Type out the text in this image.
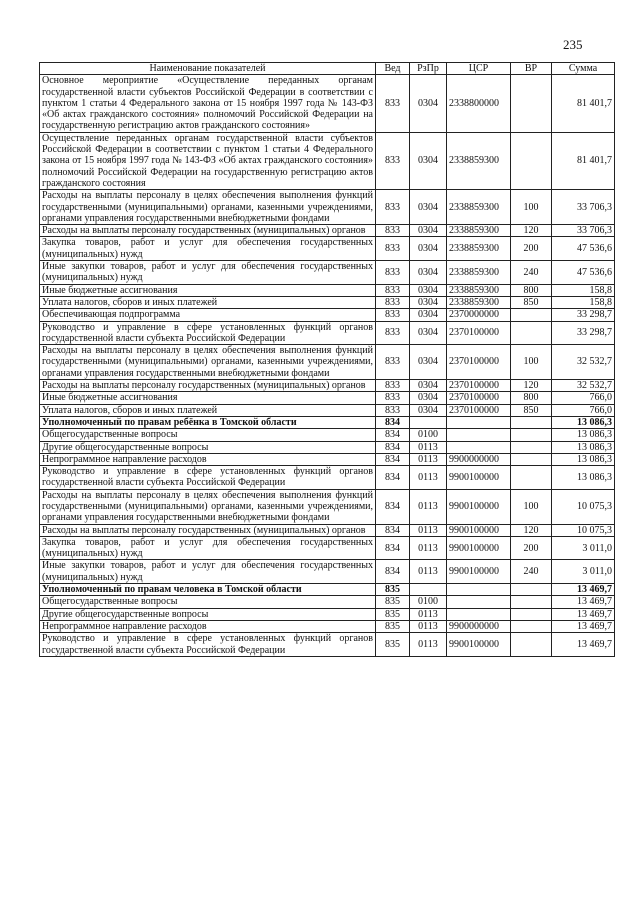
235
Наименование показателей	Вед	РзПр	ЦСР	ВР	Сумма
Основное мероприятие «Осуществление переданных органам государственной власти субъектов Российской Федерации в соответствии с пунктом 1 статьи 4 Федерального закона от 15 ноября 1997 года № 143-ФЗ «Об актах гражданского состояния» полномочий Российской Федерации на государственную регистрацию актов гражданского состояния»	833	0304	2338800000		81 401,7
Осуществление переданных органам государственной власти субъектов Российской Федерации в соответствии с пунктом 1 статьи 4 Федерального закона от 15 ноября 1997 года № 143-ФЗ «Об актах гражданского состояния» полномочий Российской Федерации на государственную регистрацию актов гражданского состояния	833	0304	2338859300		81 401,7
Расходы на выплаты персоналу в целях обеспечения выполнения функций государственными (муниципальными) органами, казенными учреждениями, органами управления государственными внебюджетными фондами	833	0304	2338859300	100	33 706,3
Расходы на выплаты персоналу государственных (муниципальных) органов	833	0304	2338859300	120	33 706,3
Закупка товаров, работ и услуг для обеспечения государственных (муниципальных) нужд	833	0304	2338859300	200	47 536,6
Иные закупки товаров, работ и услуг для обеспечения государственных (муниципальных) нужд	833	0304	2338859300	240	47 536,6
Иные бюджетные ассигнования	833	0304	2338859300	800	158,8
Уплата налогов, сборов и иных платежей	833	0304	2338859300	850	158,8
Обеспечивающая подпрограмма	833	0304	2370000000		33 298,7
Руководство и управление в сфере установленных функций органов государственной власти субъекта Российской Федерации	833	0304	2370100000		33 298,7
Расходы на выплаты персоналу в целях обеспечения выполнения функций государственными (муниципальными) органами, казенными учреждениями, органами управления государственными внебюджетными фондами	833	0304	2370100000	100	32 532,7
Расходы на выплаты персоналу государственных (муниципальных) органов	833	0304	2370100000	120	32 532,7
Иные бюджетные ассигнования	833	0304	2370100000	800	766,0
Уплата налогов, сборов и иных платежей	833	0304	2370100000	850	766,0
Уполномоченный по правам ребёнка в Томской области	834				13 086,3
Общегосударственные вопросы	834	0100			13 086,3
Другие общегосударственные вопросы	834	0113			13 086,3
Непрограммное направление расходов	834	0113	9900000000		13 086,3
Руководство и управление в сфере установленных функций органов государственной власти субъекта Российской Федерации	834	0113	9900100000		13 086,3
Расходы на выплаты персоналу в целях обеспечения выполнения функций государственными (муниципальными) органами, казенными учреждениями, органами управления государственными внебюджетными фондами	834	0113	9900100000	100	10 075,3
Расходы на выплаты персоналу государственных (муниципальных) органов	834	0113	9900100000	120	10 075,3
Закупка товаров, работ и услуг для обеспечения государственных (муниципальных) нужд	834	0113	9900100000	200	3 011,0
Иные закупки товаров, работ и услуг для обеспечения государственных (муниципальных) нужд	834	0113	9900100000	240	3 011,0
Уполномоченный по правам человека в Томской области	835				13 469,7
Общегосударственные вопросы	835	0100			13 469,7
Другие общегосударственные вопросы	835	0113			13 469,7
Непрограммное направление расходов	835	0113	9900000000		13 469,7
Руководство и управление в сфере установленных функций органов государственной власти субъекта Российской Федерации	835	0113	9900100000		13 469,7
